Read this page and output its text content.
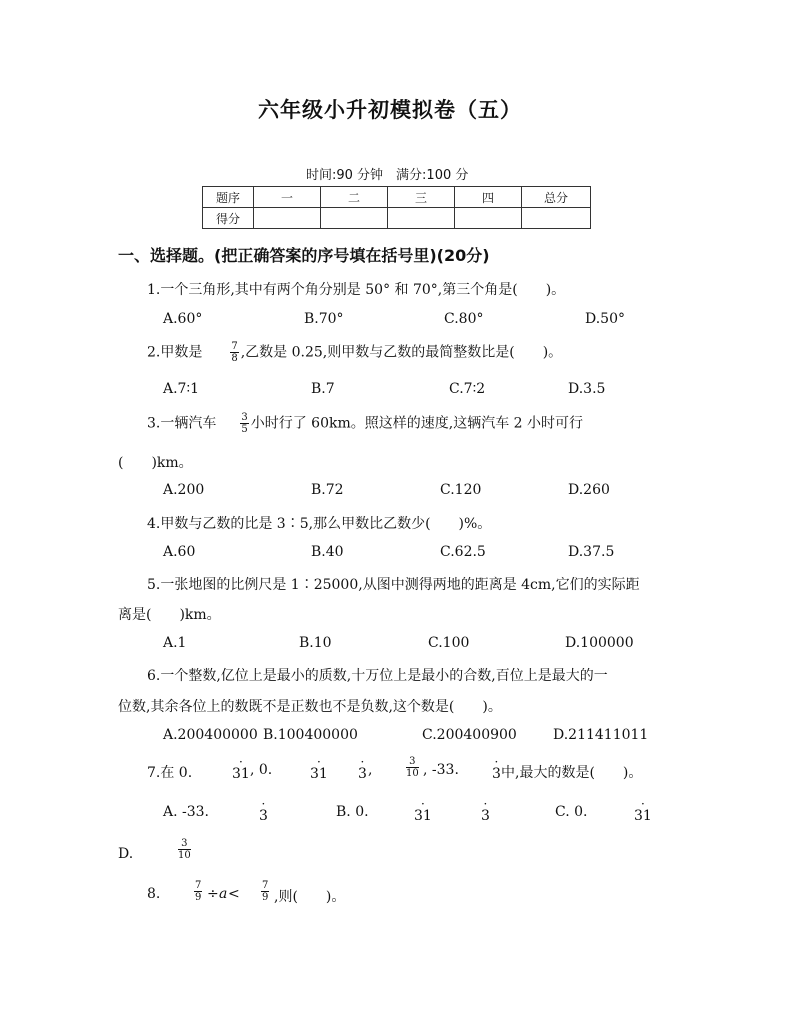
六年级小升初模拟卷（五）
时间:90 分钟　满分:100 分
题序	一	二	三	四	总分
得分					
一、选择题。(把正确答案的序号填在括号里)(20分)
1.一个三角形,其中有两个角分别是 50° 和 70°,第三个角是(　　)。
A.60°	B.70°	C.80°	D.50°
2.甲数是	$\frac{7}{8}$ ,乙数是 0.25,则甲数与乙数的最简整数比是(　　)。
A.7∶1	B.7	C.7∶2	D.3.5
3.一辆汽车 $\frac{3}{5}$ 小时行了 60km。照这样的速度,这辆汽车 2 小时可行
(　　)km。
A.200	B.72	C.120	D.260
4.甲数与乙数的比是 3∶5,那么甲数比乙数少(　　)%。
A.60	B.40	C.62.5	D.37.5
5.一张地图的比例尺是 1∶25000,从图中测得两地的距离是 4cm,它们的实际距
离是(　　)km。
A.1	B.10	C.100	D.100000
6.一个整数,亿位上是最小的质数,十万位上是最小的合数,百位上是最大的一
位数,其余各位上的数既不是正数也不是负数,这个数是(　　)。
A.200400000 B.100400000	C.200400900	D.211411011
7.在 0.	· 31 , 0.	· 31 · 3 ,	$\frac{3}{10}$ , -33. · 3 中,最大的数是(　　)。
A. -33.	· 3	B. 0.	· 31	· 3	C. 0.	· 31
D.	$\frac{3}{10}$
8.	$\frac{7}{9} \div a < \frac{7}{9}$ ,则(　　)。
